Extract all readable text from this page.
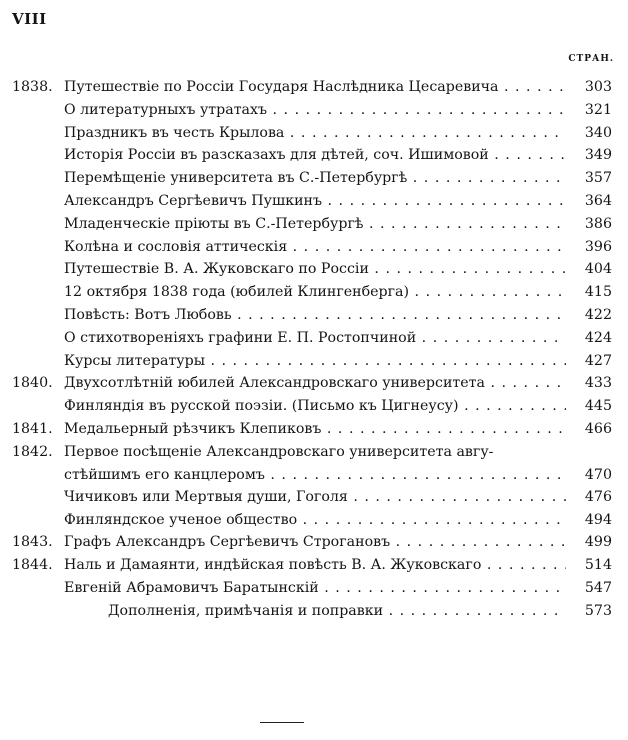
VIII
СТРАН.
1838. Путешествіе по Россіи Государя Наслѣдника Цесаревича . . .	303
О литературныхъ утратахъ . . .	321
Праздникъ въ честь Крылова . . .	340
Исторія Россіи въ разсказахъ для дѣтей, соч. Ишимовой . . .	349
Перемѣщеніе университета въ С.-Петербургѣ . . .	357
Александръ Сергѣевичъ Пушкинъ . . .	364
Младенческіе пріюты въ С.-Петербургѣ . . .	386
Колѣна и сословія аттическія . . .	396
Путешествіе В. А. Жуковскаго по Россіи . . .	404
12 октября 1838 года (юбилей Клингенберга) . . .	415
Повѣсть: Вотъ Любовь . . .	422
О стихотвореніяхъ графини Е. П. Ростопчиной . . .	424
Курсы литературы . . .	427
1840. Двухсотлѣтній юбилей Александровскаго университета . . .	433
Финляндія въ русской поэзіи. (Письмо къ Цигнеусу) . . .	445
1841. Медальерный рѣзчикъ Клепиковъ . . .	466
1842. Первое посѣщеніе Александровскаго университета авгу-
стѣйшимъ его канцлеромъ . . .	470
Чичиковъ или Мертвыя души, Гоголя . . .	476
Финляндское ученое общество . . .	494
1843. Графъ Александръ Сергѣевичъ Строгановъ . . .	499
1844. Наль и Дамаянти, индѣйская повѣсть В. А. Жуковскаго . . .	514
Евгеній Абрамовичъ Баратынскій . . .	547
Дополненія, примѣчанія и поправки . . .	573
